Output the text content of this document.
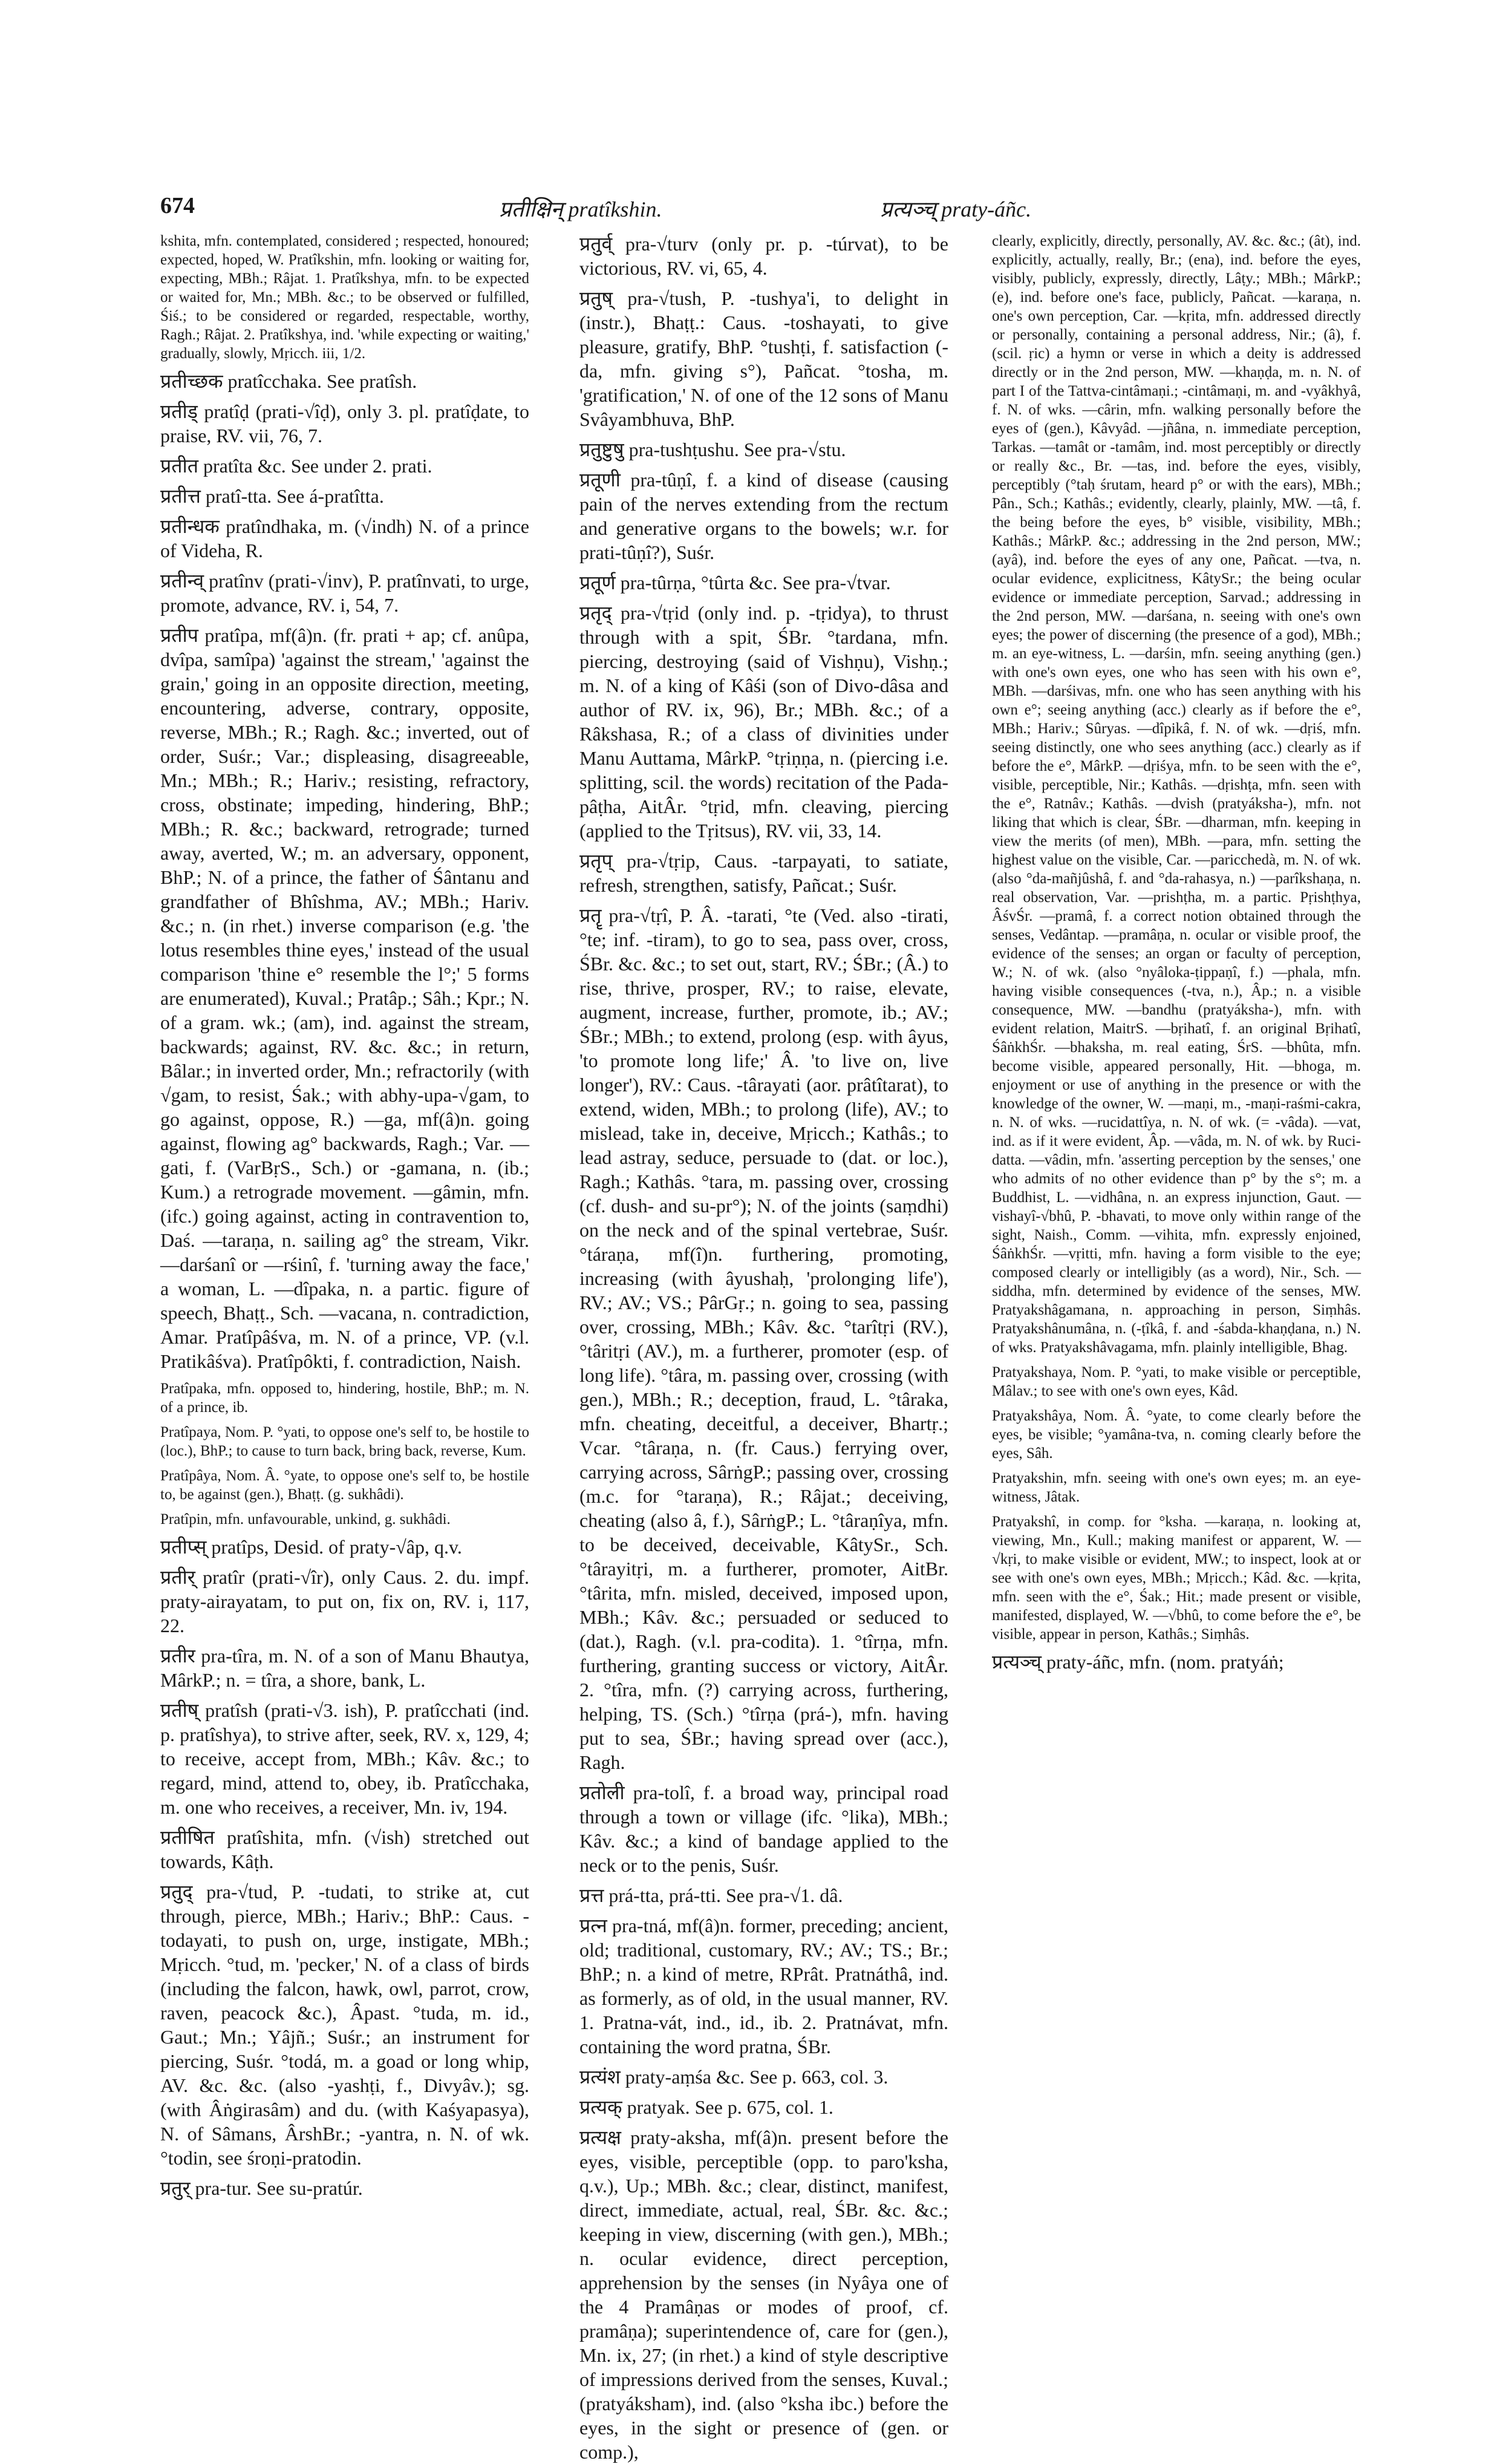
674	प्रतीक्षिन् pratîkshin.	प्रत्यञ्च् praty-áñc.

kshita, mfn. contemplated, considered ; respected, honoured; expected, hoped, W. Pratîkshin, mfn. looking or waiting for, expecting, MBh.; Râjat. 1. Pratîkshya, mfn. to be expected or waited for, Mn.; MBh. &c.; to be observed or fulfilled, Śiś.; to be considered or regarded, respectable, worthy, Ragh.; Râjat. 2. Pratîkshya, ind. 'while expecting or waiting,' gradually, slowly, Mṛicch. iii, 1/2.

प्रतीच्छक pratîcchaka. See pratîsh.

प्रतीड् pratîḍ (prati-√îḍ), only 3. pl. pratîḍate, to praise, RV. vii, 76, 7.

प्रतीत pratîta &c. See under 2. prati.

प्रतीत्त pratî-tta. See á-pratîtta.

प्रतीन्धक pratîndhaka, m. (√indh) N. of a prince of Videha, R.

प्रतीन्व् pratînv (prati-√inv), P. pratînvati, to urge, promote, advance, RV. i, 54, 7.

प्रतीप pratîpa, mf(â)n. (fr. prati + ap; cf. anûpa, dvîpa, samîpa) 'against the stream,' 'against the grain,' going in an opposite direction, meeting, encountering, adverse, contrary, opposite, reverse, MBh.; R.; Ragh. &c.; inverted, out of order, Suśr.; Var.; displeasing, disagreeable, Mn.; MBh.; R.; Hariv.; resisting, refractory, cross, obstinate; impeding, hindering, BhP.; MBh.; R. &c.; backward, retrograde; turned away, averted, W.; m. an adversary, opponent, BhP.; N. of a prince, the father of Śântanu and grandfather of Bhîshma, AV.; MBh.; Hariv. &c.; n. (in rhet.) inverse comparison (e.g. 'the lotus resembles thine eyes,' instead of the usual comparison 'thine e° resemble the l°;' 5 forms are enumerated), Kuval.; Pratâp.; Sâh.; Kpr.; N. of a gram. wk.; (am), ind. against the stream, backwards; against, RV. &c. &c.; in return, Bâlar.; in inverted order, Mn.; refractorily (with √gam, to resist, Śak.; with abhy-upa-√gam, to go against, oppose, R.) —ga, mf(â)n. going against, flowing ag° backwards, Ragh.; Var. —gati, f. (VarBṛS., Sch.) or -gamana, n. (ib.; Kum.) a retrograde movement. —gâmin, mfn. (ifc.) going against, acting in contravention to, Daś. —taraṇa, n. sailing ag° the stream, Vikr. —darśanî or —rśinî, f. 'turning away the face,' a woman, L. —dîpaka, n. a partic. figure of speech, Bhaṭṭ., Sch. —vacana, n. contradiction, Amar. Pratîpâśva, m. N. of a prince, VP. (v.l. Pratikâśva). Pratîpôkti, f. contradiction, Naish.

Pratîpaka, mfn. opposed to, hindering, hostile, BhP.; m. N. of a prince, ib.

Pratîpaya, Nom. P. °yati, to oppose one's self to, be hostile to (loc.), BhP.; to cause to turn back, bring back, reverse, Kum.

Pratîpâya, Nom. Â. °yate, to oppose one's self to, be hostile to, be against (gen.), Bhaṭṭ. (g. sukhâdi).

Pratîpin, mfn. unfavourable, unkind, g. sukhâdi.

प्रतीप्स् pratîps, Desid. of praty-√âp, q.v.

प्रतीर् pratîr (prati-√îr), only Caus. 2. du. impf. praty-airayatam, to put on, fix on, RV. i, 117, 22.

प्रतीर pra-tîra, m. N. of a son of Manu Bhautya, MârkP.; n. = tîra, a shore, bank, L.

प्रतीष् pratîsh (prati-√3. ish), P. pratîcchati (ind. p. pratîshya), to strive after, seek, RV. x, 129, 4; to receive, accept from, MBh.; Kâv. &c.; to regard, mind, attend to, obey, ib. Pratîcchaka, m. one who receives, a receiver, Mn. iv, 194.

प्रतीषित pratîshita, mfn. (√ish) stretched out towards, Kâṭh.

प्रतुद् pra-√tud, P. -tudati, to strike at, cut through, pierce, MBh.; Hariv.; BhP.: Caus. -todayati, to push on, urge, instigate, MBh.; Mṛicch. °tud, m. 'pecker,' N. of a class of birds (including the falcon, hawk, owl, parrot, crow, raven, peacock &c.), Âpast. °tuda, m. id., Gaut.; Mn.; Yâjñ.; Suśr.; an instrument for piercing, Suśr. °todá, m. a goad or long whip, AV. &c. &c. (also -yashṭi, f., Divyâv.); sg. (with Âṅgirasâm) and du. (with Kaśyapasya), N. of Sâmans, ÂrshBr.; -yantra, n. N. of wk. °todin, see śroṇi-pratodin.

प्रतुर् pra-tur. See su-pratúr.

प्रतुर्व् pra-√turv (only pr. p. -túrvat), to be victorious, RV. vi, 65, 4.

प्रतुष् pra-√tush, P. -tushya'i, to delight in (instr.), Bhaṭṭ.: Caus. -toshayati, to give pleasure, gratify, BhP. °tushṭi, f. satisfaction (-da, mfn. giving s°), Pañcat. °tosha, m. 'gratification,' N. of one of the 12 sons of Manu Svâyambhuva, BhP.

प्रतुष्टुषु pra-tushṭushu. See pra-√stu.

प्रतूणी pra-tûṇî, f. a kind of disease (causing pain of the nerves extending from the rectum and generative organs to the bowels; w.r. for prati-tûṇî?), Suśr.

प्रतूर्ण pra-tûrṇa, °tûrta &c. See pra-√tvar.

प्रतृद् pra-√tṛid (only ind. p. -tṛidya), to thrust through with a spit, ŚBr. °tardana, mfn. piercing, destroying (said of Vishṇu), Vishṇ.; m. N. of a king of Kâśi (son of Divo-dâsa and author of RV. ix, 96), Br.; MBh. &c.; of a Râkshasa, R.; of a class of divinities under Manu Auttama, MârkP. °tṛiṇṇa, n. (piercing i.e. splitting, scil. the words) recitation of the Pada-pâṭha, AitÂr. °tṛid, mfn. cleaving, piercing (applied to the Tṛitsus), RV. vii, 33, 14.

प्रतृप् pra-√tṛip, Caus. -tarpayati, to satiate, refresh, strengthen, satisfy, Pañcat.; Suśr.

प्रतॄ pra-√tṛî, P. Â. -tarati, °te (Ved. also -tirati, °te; inf. -tiram), to go to sea, pass over, cross, ŚBr. &c. &c.; to set out, start, RV.; ŚBr.; (Â.) to rise, thrive, prosper, RV.; to raise, elevate, augment, increase, further, promote, ib.; AV.; ŚBr.; MBh.; to extend, prolong (esp. with âyus, 'to promote long life;' Â. 'to live on, live longer'), RV.: Caus. -târayati (aor. prâtîtarat), to extend, widen, MBh.; to prolong (life), AV.; to mislead, take in, deceive, Mṛicch.; Kathâs.; to lead astray, seduce, persuade to (dat. or loc.), Ragh.; Kathâs. °tara, m. passing over, crossing (cf. dush- and su-pr°); N. of the joints (saṃdhi) on the neck and of the spinal vertebrae, Suśr. °táraṇa, mf(î)n. furthering, promoting, increasing (with âyushaḥ, 'prolonging life'), RV.; AV.; VS.; PârGṛ.; n. going to sea, passing over, crossing, MBh.; Kâv. &c. °tarîtṛi (RV.), °târitṛi (AV.), m. a furtherer, promoter (esp. of long life). °târa, m. passing over, crossing (with gen.), MBh.; R.; deception, fraud, L. °târaka, mfn. cheating, deceitful, a deceiver, Bhartṛ.; Vcar. °târaṇa, n. (fr. Caus.) ferrying over, carrying across, SârṅgP.; passing over, crossing (m.c. for °taraṇa), R.; Râjat.; deceiving, cheating (also â, f.), SârṅgP.; L. °târaṇîya, mfn. to be deceived, deceivable, KâtySr., Sch. °târayitṛi, m. a furtherer, promoter, AitBr. °târita, mfn. misled, deceived, imposed upon, MBh.; Kâv. &c.; persuaded or seduced to (dat.), Ragh. (v.l. pra-codita). 1. °tîrṇa, mfn. furthering, granting success or victory, AitÂr. 2. °tîra, mfn. (?) carrying across, furthering, helping, TS. (Sch.) °tîrṇa (prá-), mfn. having put to sea, ŚBr.; having spread over (acc.), Ragh.

प्रतोली pra-tolî, f. a broad way, principal road through a town or village (ifc. °lika), MBh.; Kâv. &c.; a kind of bandage applied to the neck or to the penis, Suśr.

प्रत्त prá-tta, prá-tti. See pra-√1. dâ.

प्रत्न pra-tná, mf(â)n. former, preceding; ancient, old; traditional, customary, RV.; AV.; TS.; Br.; BhP.; n. a kind of metre, RPrât. Pratnáthâ, ind. as formerly, as of old, in the usual manner, RV. 1. Pratna-vát, ind., id., ib. 2. Pratnávat, mfn. containing the word pratna, ŚBr.

प्रत्यंश praty-aṃśa &c. See p. 663, col. 3.

प्रत्यक् pratyak. See p. 675, col. 1.

प्रत्यक्ष praty-aksha, mf(â)n. present before the eyes, visible, perceptible (opp. to paro'ksha, q.v.), Up.; MBh. &c.; clear, distinct, manifest, direct, immediate, actual, real, ŚBr. &c. &c.; keeping in view, discerning (with gen.), MBh.; n. ocular evidence, direct perception, apprehension by the senses (in Nyâya one of the 4 Pramâṇas or modes of proof, cf. pramâṇa); superintendence of, care for (gen.), Mn. ix, 27; (in rhet.) a kind of style descriptive of impressions derived from the senses, Kuval.; (pratyáksham), ind. (also °ksha ibc.) before the eyes, in the sight or presence of (gen. or comp.),

clearly, explicitly, directly, personally, AV. &c. &c.; (ât), ind. explicitly, actually, really, Br.; (ena), ind. before the eyes, visibly, publicly, expressly, directly, Lâṭy.; MBh.; MârkP.; (e), ind. before one's face, publicly, Pañcat. —karaṇa, n. one's own perception, Car. —kṛita, mfn. addressed directly or personally, containing a personal address, Nir.; (â), f. (scil. ṛic) a hymn or verse in which a deity is addressed directly or in the 2nd person, MW. —khaṇḍa, m. n. N. of part I of the Tattva-cintâmaṇi.; -cintâmaṇi, m. and -vyâkhyâ, f. N. of wks. —cârin, mfn. walking personally before the eyes of (gen.), Kâvyâd. —jñâna, n. immediate perception, Tarkas. —tamât or -tamâm, ind. most perceptibly or directly or really &c., Br. —tas, ind. before the eyes, visibly, perceptibly (°taḥ śrutam, heard p° or with the ears), MBh.; Pân., Sch.; Kathâs.; evidently, clearly, plainly, MW. —tâ, f. the being before the eyes, b° visible, visibility, MBh.; Kathâs.; MârkP. &c.; addressing in the 2nd person, MW.; (ayâ), ind. before the eyes of any one, Pañcat. —tva, n. ocular evidence, explicitness, KâtySr.; the being ocular evidence or immediate perception, Sarvad.; addressing in the 2nd person, MW. —darśana, n. seeing with one's own eyes; the power of discerning (the presence of a god), MBh.; m. an eye-witness, L. —darśin, mfn. seeing anything (gen.) with one's own eyes, one who has seen with his own e°, MBh. —darśivas, mfn. one who has seen anything with his own e°; seeing anything (acc.) clearly as if before the e°, MBh.; Hariv.; Sûryas. —dîpikâ, f. N. of wk. —dṛiś, mfn. seeing distinctly, one who sees anything (acc.) clearly as if before the e°, MârkP. —dṛiśya, mfn. to be seen with the e°, visible, perceptible, Nir.; Kathâs. —dṛishṭa, mfn. seen with the e°, Ratnâv.; Kathâs. —dvish (pratyáksha-), mfn. not liking that which is clear, ŚBr. —dharman, mfn. keeping in view the merits (of men), MBh. —para, mfn. setting the highest value on the visible, Car. —paricchedà, m. N. of wk. (also °da-mañjûshâ, f. and °da-rahasya, n.) —parîkshaṇa, n. real observation, Var. —prishṭha, m. a partic. Pṛishṭhya, ÂśvŚr. —pramâ, f. a correct notion obtained through the senses, Vedântap. —pramâṇa, n. ocular or visible proof, the evidence of the senses; an organ or faculty of perception, W.; N. of wk. (also °nyâloka-ṭippaṇî, f.) —phala, mfn. having visible consequences (-tva, n.), Âp.; n. a visible consequence, MW. —bandhu (pratyáksha-), mfn. with evident relation, MaitrS. —bṛihatî, f. an original Bṛihatî, ŚâṅkhŚr. —bhaksha, m. real eating, ŚrS. —bhûta, mfn. become visible, appeared personally, Hit. —bhoga, m. enjoyment or use of anything in the presence or with the knowledge of the owner, W. —maṇi, m., -maṇi-raśmi-cakra, n. N. of wks. —rucidattîya, n. N. of wk. (= -vâda). —vat, ind. as if it were evident, Âp. —vâda, m. N. of wk. by Ruci-datta. —vâdin, mfn. 'asserting perception by the senses,' one who admits of no other evidence than p° by the s°; m. a Buddhist, L. —vidhâna, n. an express injunction, Gaut. —vishayî-√bhû, P. -bhavati, to move only within range of the sight, Naish., Comm. —vihita, mfn. expressly enjoined, ŚâṅkhŚr. —vṛitti, mfn. having a form visible to the eye; composed clearly or intelligibly (as a word), Nir., Sch. —siddha, mfn. determined by evidence of the senses, MW. Pratyakshâgamana, n. approaching in person, Siṃhâs. Pratyakshânumâna, n. (-ṭîkâ, f. and -śabda-khaṇḍana, n.) N. of wks. Pratyakshâvagama, mfn. plainly intelligible, Bhag.

Pratyakshaya, Nom. P. °yati, to make visible or perceptible, Mâlav.; to see with one's own eyes, Kâd.

Pratyakshâya, Nom. Â. °yate, to come clearly before the eyes, be visible; °yamâna-tva, n. coming clearly before the eyes, Sâh.

Pratyakshin, mfn. seeing with one's own eyes; m. an eye-witness, Jâtak.

Pratyakshî, in comp. for °ksha. —karaṇa, n. looking at, viewing, Mn., Kull.; making manifest or apparent, W. —√kṛi, to make visible or evident, MW.; to inspect, look at or see with one's own eyes, MBh.; Mṛicch.; Kâd. &c. —kṛita, mfn. seen with the e°, Śak.; Hit.; made present or visible, manifested, displayed, W. —√bhû, to come before the e°, be visible, appear in person, Kathâs.; Siṃhâs.

प्रत्यञ्च् praty-áñc, mfn. (nom. pratyáṅ;
